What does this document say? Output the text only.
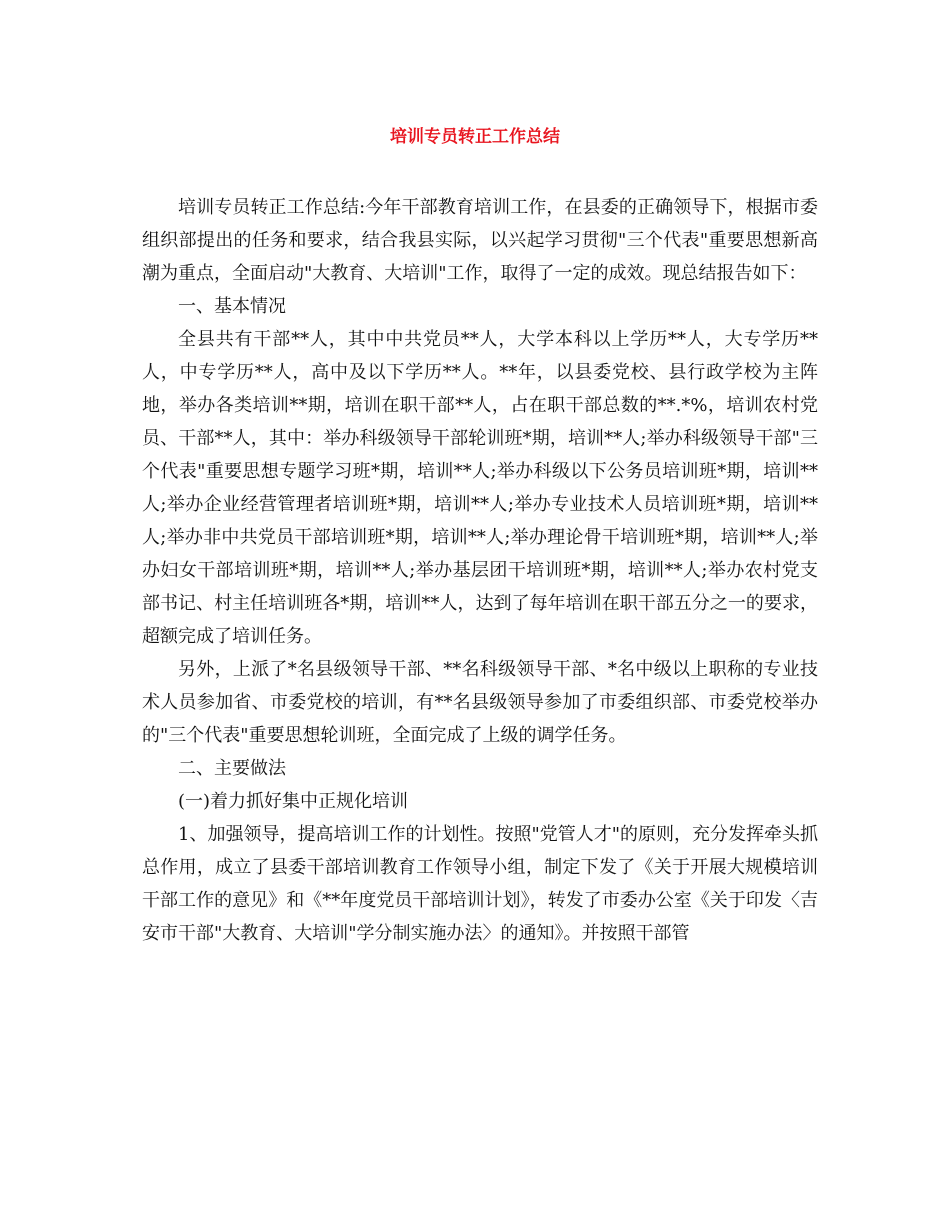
培训专员转正工作总结

培训专员转正工作总结:今年干部教育培训工作，在县委的正确领导下，根据市委组织部提出的任务和要求，结合我县实际，以兴起学习贯彻"三个代表"重要思想新高潮为重点，全面启动"大教育、大培训"工作，取得了一定的成效。现总结报告如下：

一、基本情况

全县共有干部**人，其中中共党员**人，大学本科以上学历**人，大专学历**人，中专学历**人，高中及以下学历**人。**年，以县委党校、县行政学校为主阵地，举办各类培训**期，培训在职干部**人，占在职干部总数的**.*%，培训农村党员、干部**人，其中：举办科级领导干部轮训班*期，培训**人;举办科级领导干部"三个代表"重要思想专题学习班*期，培训**人;举办科级以下公务员培训班*期，培训**人;举办企业经营管理者培训班*期，培训**人;举办专业技术人员培训班*期，培训**人;举办非中共党员干部培训班*期，培训**人;举办理论骨干培训班*期，培训**人;举办妇女干部培训班*期，培训**人;举办基层团干培训班*期，培训**人;举办农村党支部书记、村主任培训班各*期，培训**人，达到了每年培训在职干部五分之一的要求，超额完成了培训任务。

另外，上派了*名县级领导干部、**名科级领导干部、*名中级以上职称的专业技术人员参加省、市委党校的培训，有**名县级领导参加了市委组织部、市委党校举办的"三个代表"重要思想轮训班，全面完成了上级的调学任务。

二、主要做法

(一)着力抓好集中正规化培训

1、加强领导，提高培训工作的计划性。按照"党管人才"的原则，充分发挥牵头抓总作用，成立了县委干部培训教育工作领导小组，制定下发了《关于开展大规模培训干部工作的意见》和《**年度党员干部培训计划》，转发了市委办公室《关于印发〈吉安市干部"大教育、大培训"学分制实施办法〉的通知》。并按照干部管
